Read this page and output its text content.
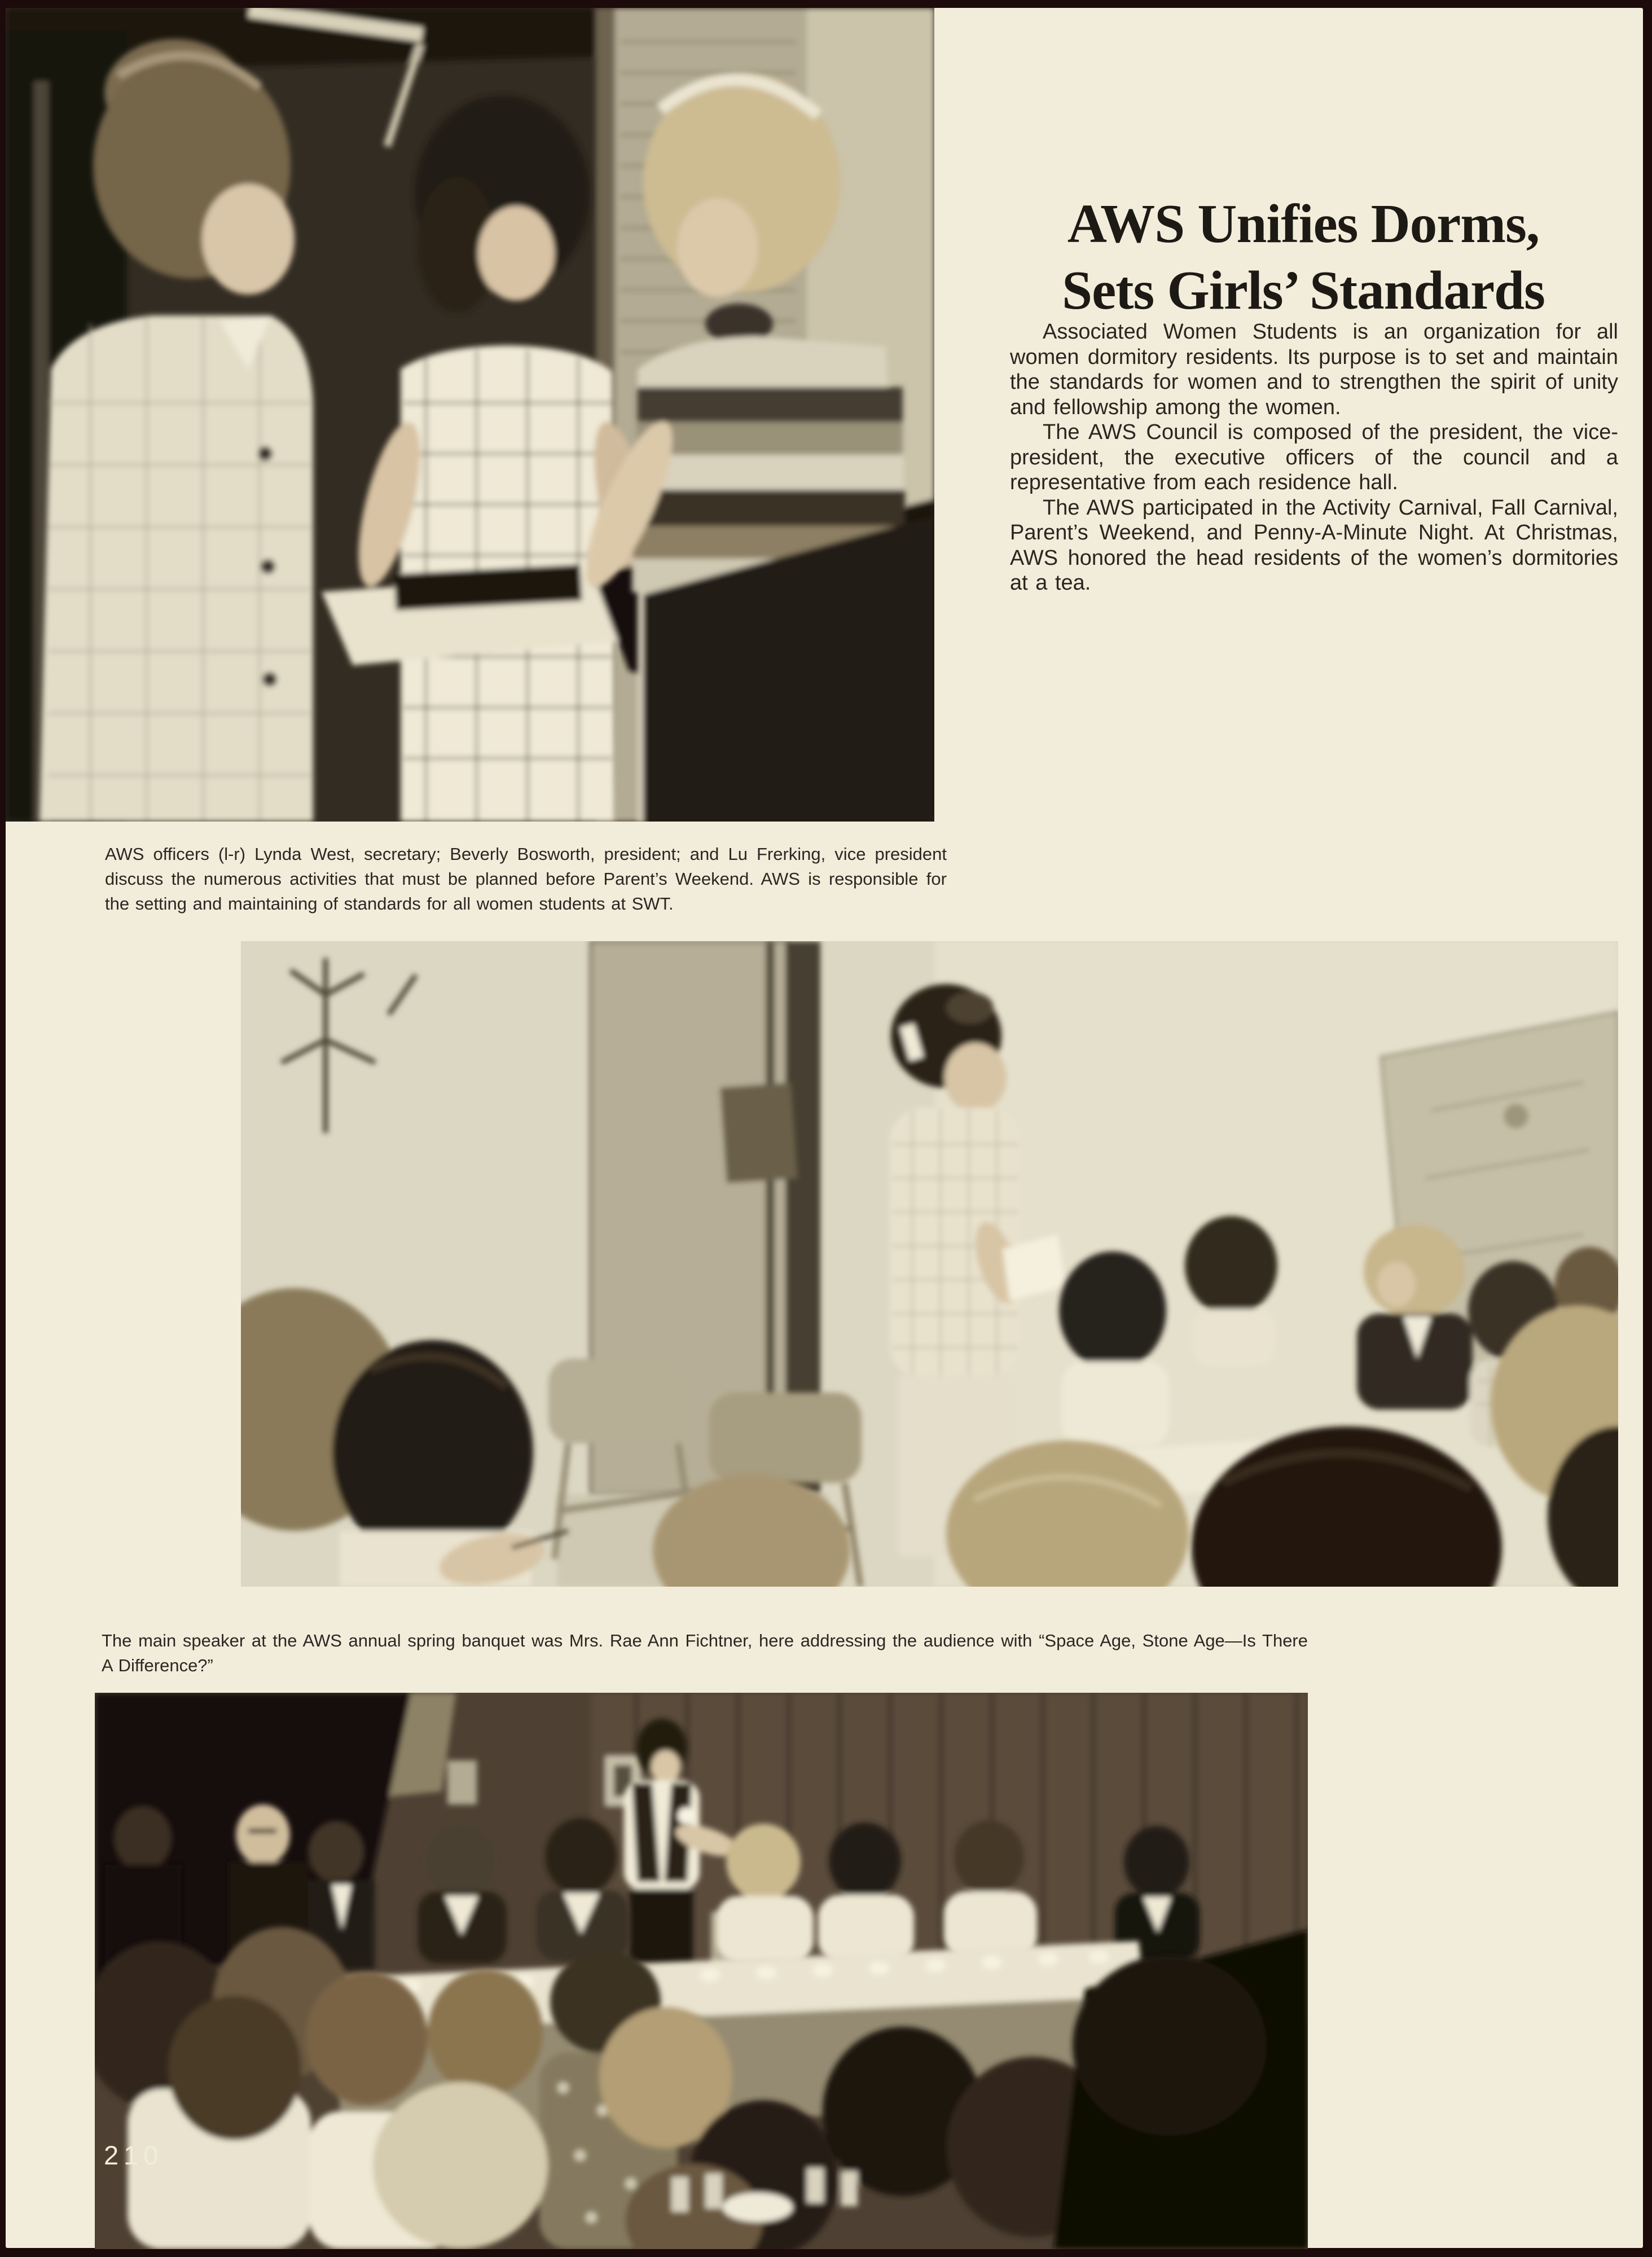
AWS Unifies Dorms,
Sets Girls’ Standards

Associated Women Students is an organization for all women dormitory residents. Its purpose is to set and maintain the standards for women and to strengthen the spirit of unity and fellowship among the women.

The AWS Council is composed of the president, the vice-president, the executive officers of the council and a representative from each residence hall.

The AWS participated in the Activity Carnival, Fall Carnival, Parent’s Weekend, and Penny-A-Minute Night. At Christmas, AWS honored the head residents of the women’s dormitories at a tea.

AWS officers (l-r) Lynda West, secretary; Beverly Bosworth, president; and Lu Frerking, vice president discuss the numerous activities that must be planned before Parent’s Weekend. AWS is responsible for the setting and maintaining of standards for all women students at SWT.
The main speaker at the AWS annual spring banquet was Mrs. Rae Ann Fichtner, here addressing the audience with “Space Age, Stone Age—Is There A Difference?”
210
